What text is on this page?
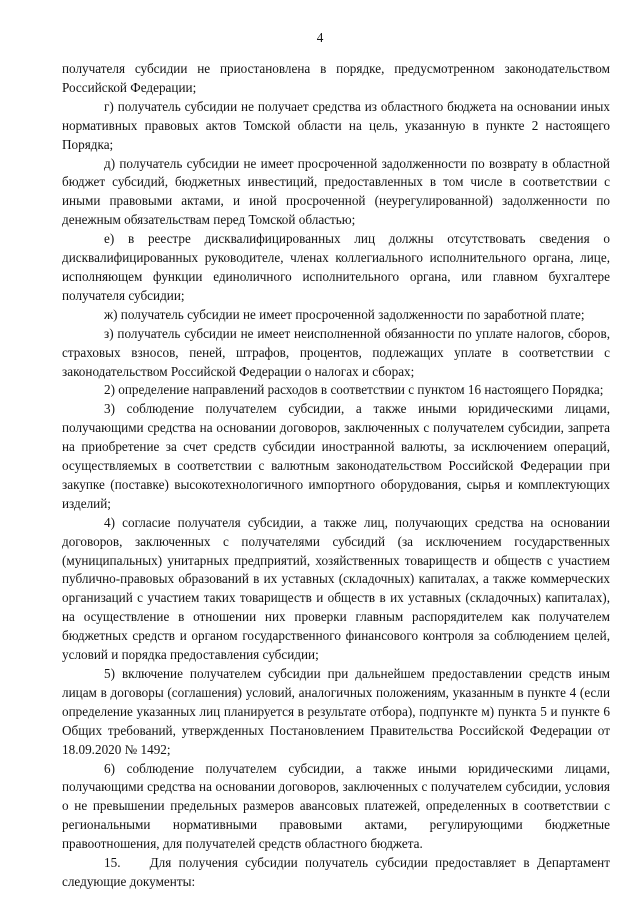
4

получателя субсидии не приостановлена в порядке, предусмотренном законодательством Российской Федерации;

г) получатель субсидии не получает средства из областного бюджета на основании иных нормативных правовых актов Томской области на цель, указанную в пункте 2 настоящего Порядка;

д) получатель субсидии не имеет просроченной задолженности по возврату в областной бюджет субсидий, бюджетных инвестиций, предоставленных в том числе в соответствии с иными правовыми актами, и иной просроченной (неурегулированной) задолженности по денежным обязательствам перед Томской областью;

е) в реестре дисквалифицированных лиц должны отсутствовать сведения о дисквалифицированных руководителе, членах коллегиального исполнительного органа, лице, исполняющем функции единоличного исполнительного органа, или главном бухгалтере получателя субсидии;

ж) получатель субсидии не имеет просроченной задолженности по заработной плате;

з) получатель субсидии не имеет неисполненной обязанности по уплате налогов, сборов, страховых взносов, пеней, штрафов, процентов, подлежащих уплате в соответствии с законодательством Российской Федерации о налогах и сборах;

2) определение направлений расходов в соответствии с пунктом 16 настоящего Порядка;

3) соблюдение получателем субсидии, а также иными юридическими лицами, получающими средства на основании договоров, заключенных с получателем субсидии, запрета на приобретение за счет средств субсидии иностранной валюты, за исключением операций, осуществляемых в соответствии с валютным законодательством Российской Федерации при закупке (поставке) высокотехнологичного импортного оборудования, сырья и комплектующих изделий;

4) согласие получателя субсидии, а также лиц, получающих средства на основании договоров, заключенных с получателями субсидий (за исключением государственных (муниципальных) унитарных предприятий, хозяйственных товариществ и обществ с участием публично-правовых образований в их уставных (складочных) капиталах, а также коммерческих организаций с участием таких товариществ и обществ в их уставных (складочных) капиталах), на осуществление в отношении них проверки главным распорядителем как получателем бюджетных средств и органом государственного финансового контроля за соблюдением целей, условий и порядка предоставления субсидии;

5) включение получателем субсидии при дальнейшем предоставлении средств иным лицам в договоры (соглашения) условий, аналогичных положениям, указанным в пункте 4 (если определение указанных лиц планируется в результате отбора), подпункте м) пункта 5 и пункте 6 Общих требований, утвержденных Постановлением Правительства Российской Федерации от 18.09.2020 № 1492;

6) соблюдение получателем субсидии, а также иными юридическими лицами, получающими средства на основании договоров, заключенных с получателем субсидии, условия о не превышении предельных размеров авансовых платежей, определенных в соответствии с региональными нормативными правовыми актами, регулирующими бюджетные правоотношения, для получателей средств областного бюджета.

15.    Для получения субсидии получатель субсидии предоставляет в Департамент следующие документы:
